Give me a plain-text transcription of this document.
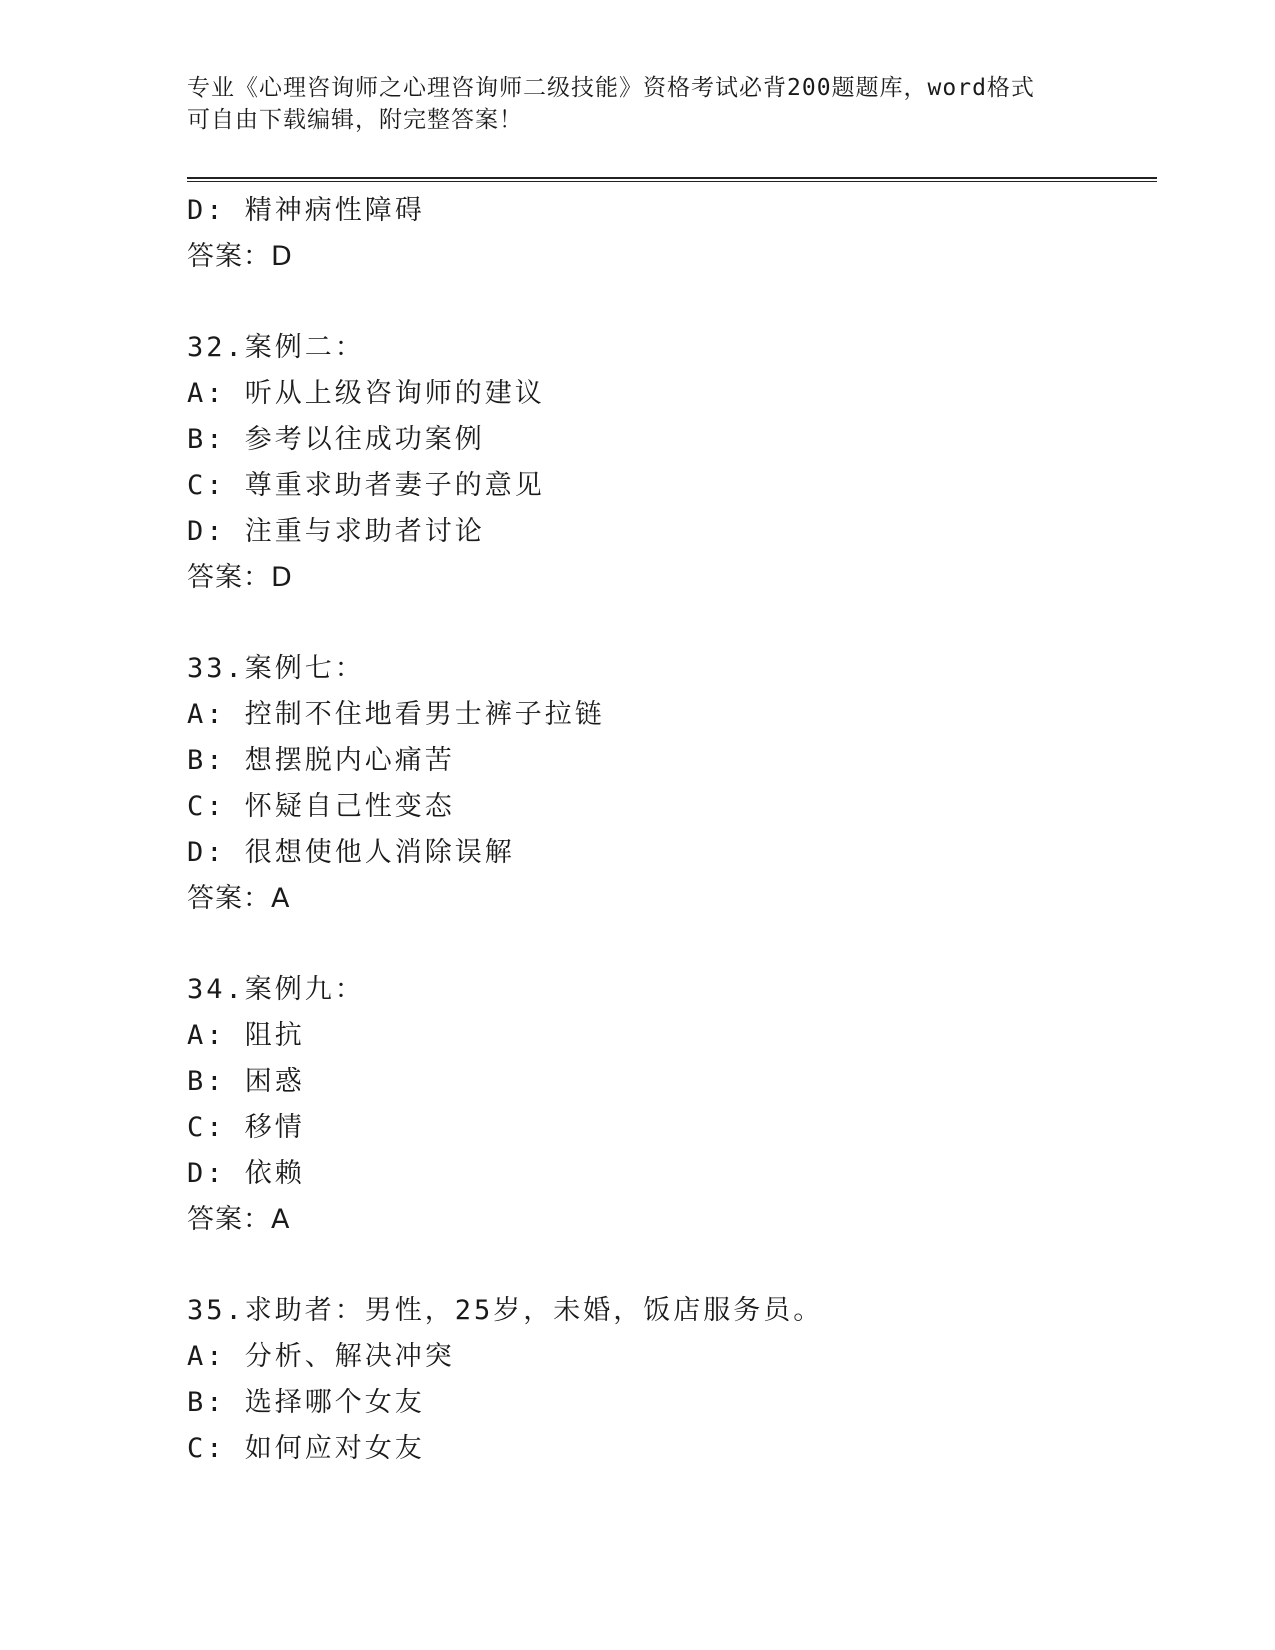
专业《心理咨询师之心理咨询师二级技能》资格考试必背200题题库，word格式
可自由下载编辑，附完整答案！
D: 精神病性障碍
答案：D
32.案例二：
A: 听从上级咨询师的建议
B: 参考以往成功案例
C: 尊重求助者妻子的意见
D: 注重与求助者讨论
答案：D
33.案例七：
A: 控制不住地看男士裤子拉链
B: 想摆脱内心痛苦
C: 怀疑自己性变态
D: 很想使他人消除误解
答案：A
34.案例九：
A: 阻抗
B: 困惑
C: 移情
D: 依赖
答案：A
35.求助者：男性，25岁，未婚，饭店服务员。
A: 分析、解决冲突
B: 选择哪个女友
C: 如何应对女友
